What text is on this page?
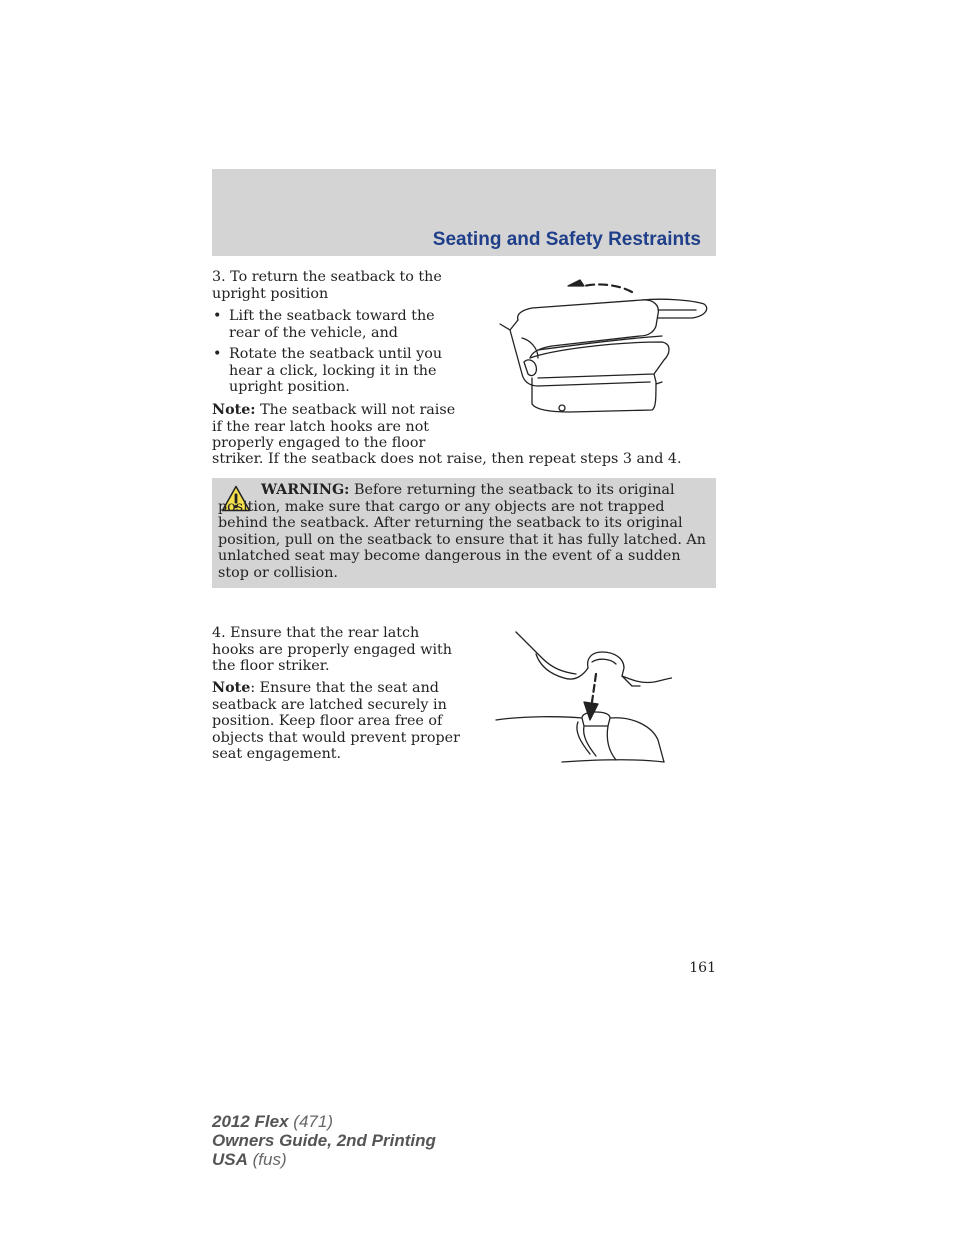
Seating and Safety Restraints
3. To return the seatback to the upright position
• Lift the seatback toward the rear of the vehicle, and
• Rotate the seatback until you hear a click, locking it in the upright position.
Note: The seatback will not raise if the rear latch hooks are not properly engaged to the floor
striker. If the seatback does not raise, then repeat steps 3 and 4.
WARNING: Before returning the seatback to its original position, make sure that cargo or any objects are not trapped behind the seatback. After returning the seatback to its original position, pull on the seatback to ensure that it has fully latched. An unlatched seat may become dangerous in the event of a sudden stop or collision.
4. Ensure that the rear latch hooks are properly engaged with the floor striker.
Note: Ensure that the seat and seatback are latched securely in position. Keep floor area free of objects that would prevent proper seat engagement.
161
2012 Flex (471)
Owners Guide, 2nd Printing
USA (fus)
